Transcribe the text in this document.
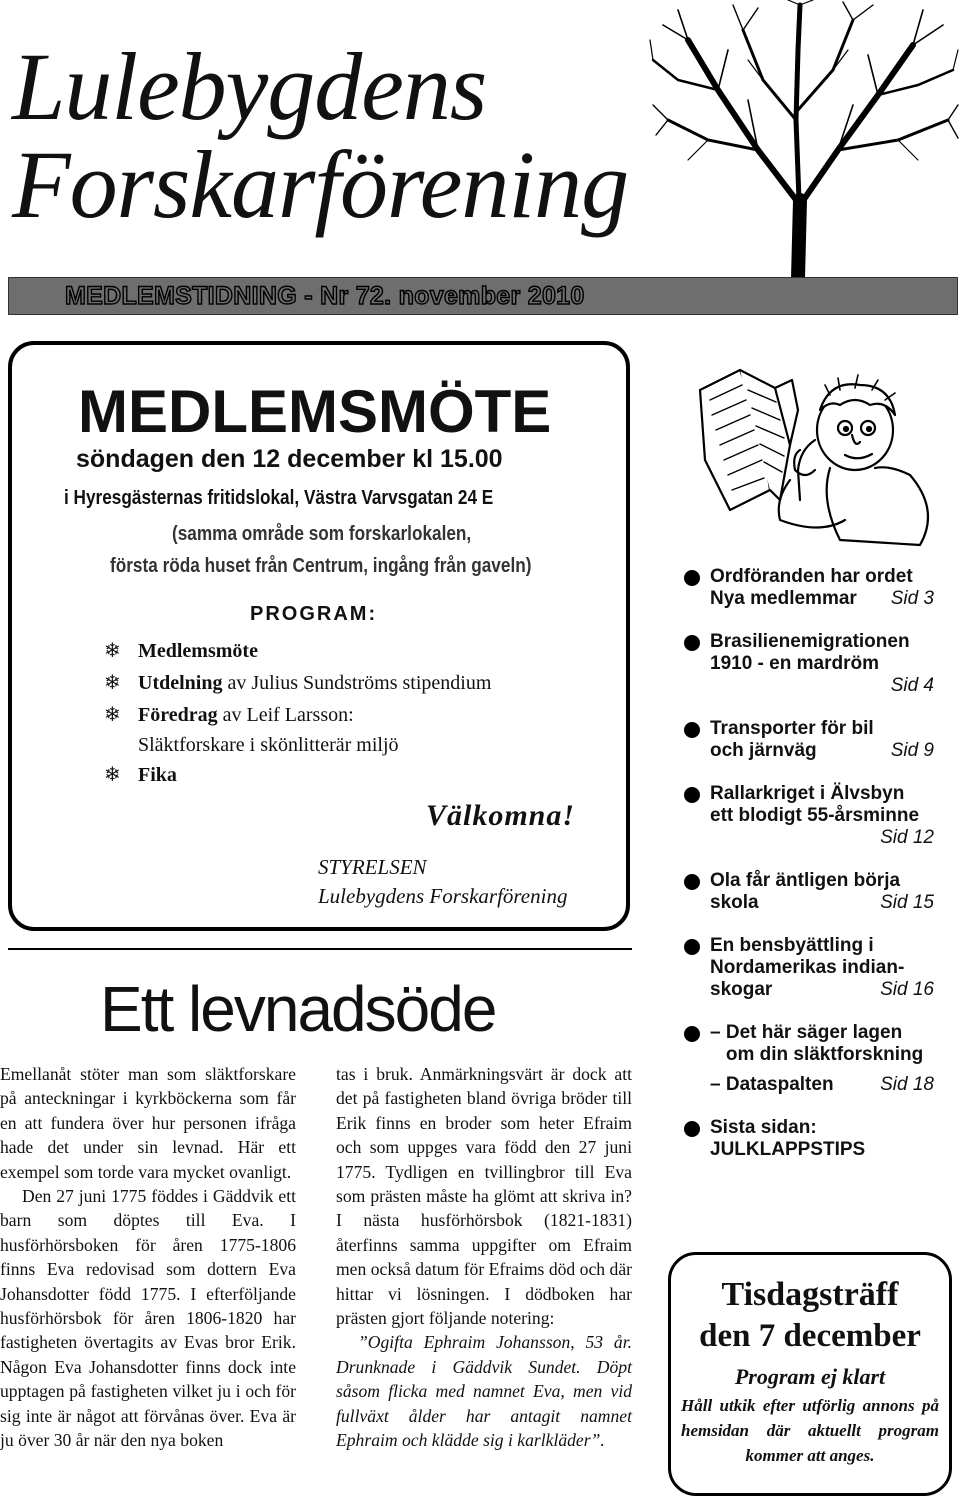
Lulebygdens
Forskarförening
MEDLEMSTIDNING - Nr 72. november 2010
MEDLEMSMÖTE
söndagen den 12 december kl 15.00
i Hyresgästernas fritidslokal, Västra Varvsgatan 24 E
(samma område som forskarlokalen,
första röda huset från Centrum, ingång från gaveln)
PROGRAM:
❄ Medlemsmöte
❄ Utdelning av Julius Sundströms stipendium
❄ Föredrag av Leif Larsson:
Släktforskare i skönlitterär miljö
❄ Fika
Välkomna!
STYRELSEN
Lulebygdens Forskarförening
Ett levnadsöde

Emellanåt stöter man som släktforskare på anteckningar i kyrkböckerna som får en att fundera över hur personen ifråga hade det under sin levnad. Här ett exempel som torde vara mycket ovanligt.

Den 27 juni 1775 föddes i Gäddvik ett barn som döptes till Eva. I husförhörsboken för åren 1775-1806 finns Eva redovisad som dottern Eva Johansdotter född 1775. I efterföljande husförhörsbok för åren 1806-1820 har fastigheten övertagits av Evas bror Erik. Någon Eva Johansdotter finns dock inte upptagen på fastigheten vilket ju i och för sig inte är något att förvånas över. Eva är ju över 30 år när den nya boken

tas i bruk. Anmärkningsvärt är dock att det på fastigheten bland övriga bröder till Erik finns en broder som heter Efraim och som uppges vara född den 27 juni 1775. Tydligen en tvillingbror till Eva som prästen måste ha glömt att skriva in? I nästa husförhörsbok (1821-1831) återfinns samma uppgifter om Efraim men också datum för Efraims död och där hittar vi lösningen. I dödboken har prästen gjort följande notering:

”Ogifta Ephraim Johansson, 53 år. Drunknade i Gäddvik Sundet. Döpt såsom flicka med namnet Eva, men vid fullväxt ålder har antagit namnet Ephraim och klädde sig i karlkläder”.

Ordföranden har ordet
Nya medlemmar Sid 3
Brasilienemigrationen
1910 - en mardröm
Sid 4
Transporter för bil
och järnväg	Sid 9
Rallarkriget i Älvsbyn
ett blodigt 55-årsminne
Sid 12
Ola får äntligen börja
skola	Sid 15
En bensbyättling i
Nordamerikas indian-
skogar	Sid 16
– Det här säger lagen
om din släktforskning
– Dataspalten Sid 18
Sista sidan:
JULKLAPPSTIPS
Tisdagsträff
den 7 december
Program ej klart
Håll utkik efter utförlig annons på hemsidan där aktuellt program kommer att anges.
